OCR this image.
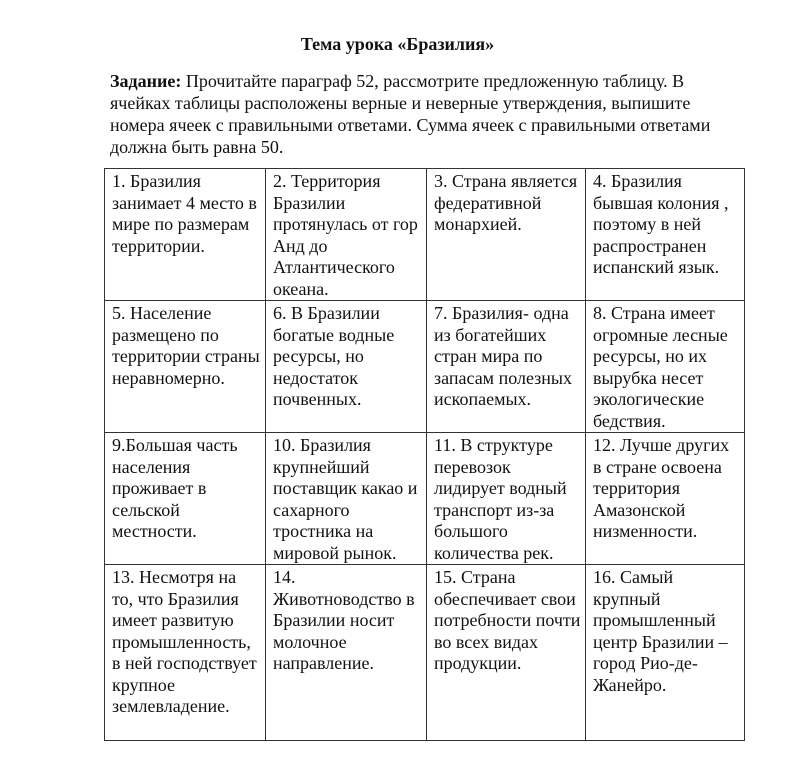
Тема урока «Бразилия»
Задание: Прочитайте параграф 52, рассмотрите предложенную таблицу. В ячейках таблицы расположены верные и неверные утверждения, выпишите номера ячеек с правильными ответами. Сумма ячеек с правильными ответами должна быть равна 50.
1. Бразилия занимает 4 место в мире по размерам территории.	2. Территория Бразилии протянулась от гор Анд до Атлантического океана.	3. Страна является федеративной монархией.	4. Бразилия бывшая колония , поэтому в ней распространен испанский язык.
5. Население размещено по территории страны неравномерно.	6. В Бразилии богатые водные ресурсы, но недостаток почвенных.	7. Бразилия- одна из богатейших стран мира по запасам полезных ископаемых.	8. Страна имеет огромные лесные ресурсы, но их вырубка несет экологические бедствия.
9.Большая часть населения проживает в сельской местности.	10. Бразилия крупнейший поставщик какао и сахарного тростника на мировой рынок.	11. В структуре перевозок лидирует водный транспорт из-за большого количества рек.	12. Лучше других в стране освоена территория Амазонской низменности.
13. Несмотря на то, что Бразилия имеет развитую промышленность, в ней господствует крупное землевладение.	14. Животноводство в Бразилии носит молочное направление.	15. Страна обеспечивает свои потребности почти во всех видах продукции.	16. Самый крупный промышленный центр Бразилии – город Рио-де-Жанейро.
